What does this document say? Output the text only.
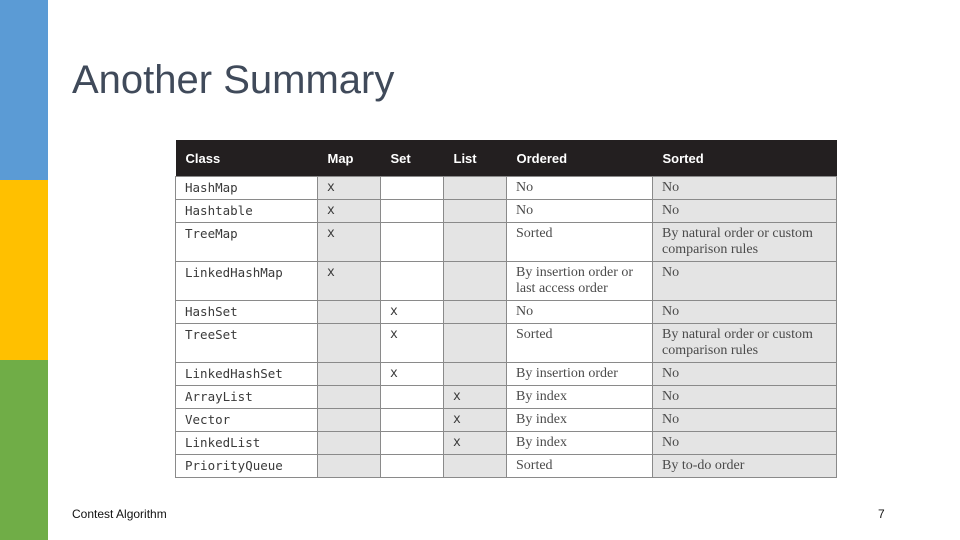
Another Summary
Class	Map	Set	List	Ordered	Sorted
HashMap	x			No	No
Hashtable	x			No	No
TreeMap	x			Sorted	By natural order or custom comparison rules
LinkedHashMap	x			By insertion order or last access order	No
HashSet		x		No	No
TreeSet		x		Sorted	By natural order or custom comparison rules
LinkedHashSet		x		By insertion order	No
ArrayList			x	By index	No
Vector			x	By index	No
LinkedList			x	By index	No
PriorityQueue				Sorted	By to-do order
Contest Algorithm	7
